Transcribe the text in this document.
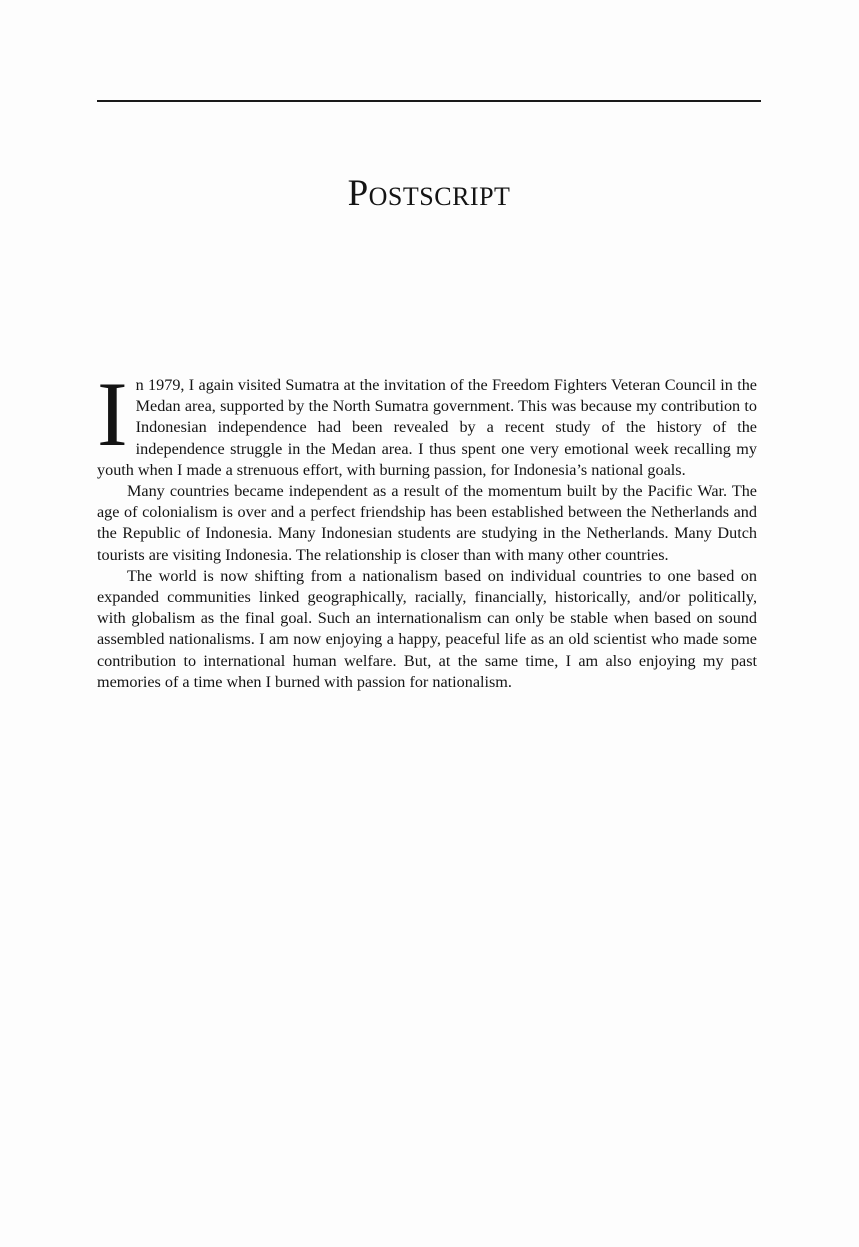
Postscript

In 1979, I again visited Sumatra at the invitation of the Freedom Fighters Veteran Council in the Medan area, supported by the North Sumatra government. This was because my contribution to Indonesian independence had been revealed by a recent study of the history of the independence struggle in the Medan area. I thus spent one very emotional week recalling my youth when I made a strenuous effort, with burning passion, for Indonesia’s national goals.

Many countries became independent as a result of the momentum built by the Pacific War. The age of colonialism is over and a perfect friendship has been established between the Netherlands and the Republic of Indonesia. Many Indonesian students are studying in the Netherlands. Many Dutch tourists are visiting Indonesia. The relationship is closer than with many other countries.

The world is now shifting from a nationalism based on individual countries to one based on expanded communities linked geographically, racially, financially, historically, and/or politically, with globalism as the final goal. Such an internationalism can only be stable when based on sound assembled nationalisms. I am now enjoying a happy, peaceful life as an old scientist who made some contribution to international human welfare. But, at the same time, I am also enjoying my past memories of a time when I burned with passion for nationalism.
